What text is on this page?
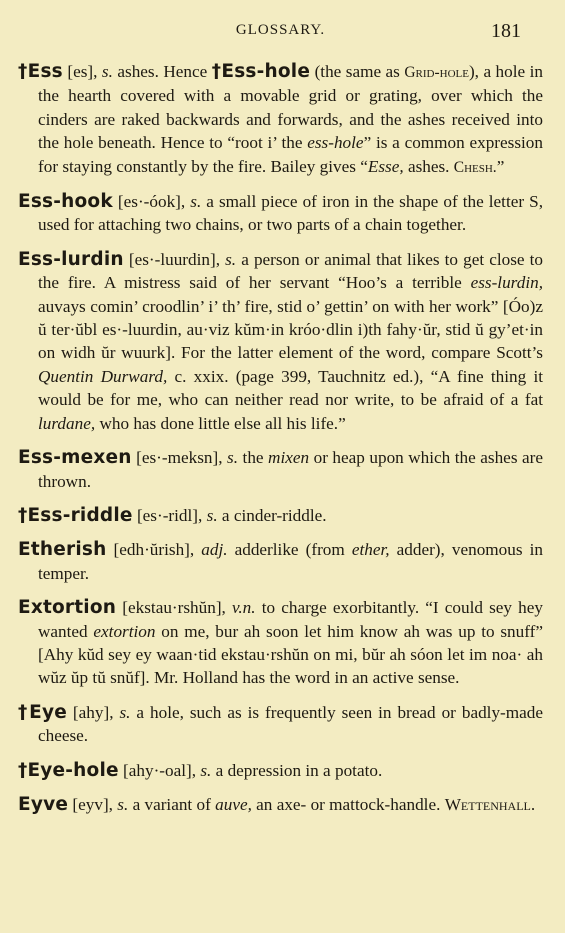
GLOSSARY.	181

†Ess [es], s. ashes. Hence †Ess-hole (the same as Grid-hole), a hole in the hearth covered with a movable grid or grating, over which the cinders are raked backwards and forwards, and the ashes received into the hole beneath. Hence to “root i’ the ess-hole” is a common expression for staying constantly by the fire. Bailey gives “Esse, ashes. Chesh.”

Ess-hook [es·-óok], s. a small piece of iron in the shape of the letter S, used for attaching two chains, or two parts of a chain together.

Ess-lurdin [es·-luurdin], s. a person or animal that likes to get close to the fire. A mistress said of her servant “Hoo’s a terrible ess-lurdin, auvays comin’ croodlin’ i’ th’ fire, stid o’ gettin’ on with her work” [Óo)z ŭ ter·ŭbl es·-luurdin, au·viz kŭm·in króo·dlin i)th fahy·ŭr, stid ŭ gy’et·in on widh ŭr wuurk]. For the latter element of the word, compare Scott’s Quentin Durward, c. xxix. (page 399, Tauchnitz ed.), “A fine thing it would be for me, who can neither read nor write, to be afraid of a fat lurdane, who has done little else all his life.”

Ess-mexen [es·-meksn], s. the mixen or heap upon which the ashes are thrown.

†Ess-riddle [es·-ridl], s. a cinder-riddle.

Etherish [edh·ŭrish], adj. adderlike (from ether, adder), venomous in temper.

Extortion [ekstau·rshŭn], v.n. to charge exorbitantly. “I could sey hey wanted extortion on me, bur ah soon let him know ah was up to snuff” [Ahy kŭd sey ey waan·tid ekstau·rshŭn on mi, bŭr ah sóon let im noa· ah wŭz ŭp tŭ snŭf]. Mr. Holland has the word in an active sense.

†Eye [ahy], s. a hole, such as is frequently seen in bread or badly-made cheese.

†Eye-hole [ahy·-oal], s. a depression in a potato.

Eyve [eyv], s. a variant of auve, an axe- or mattock-handle. Wettenhall.
